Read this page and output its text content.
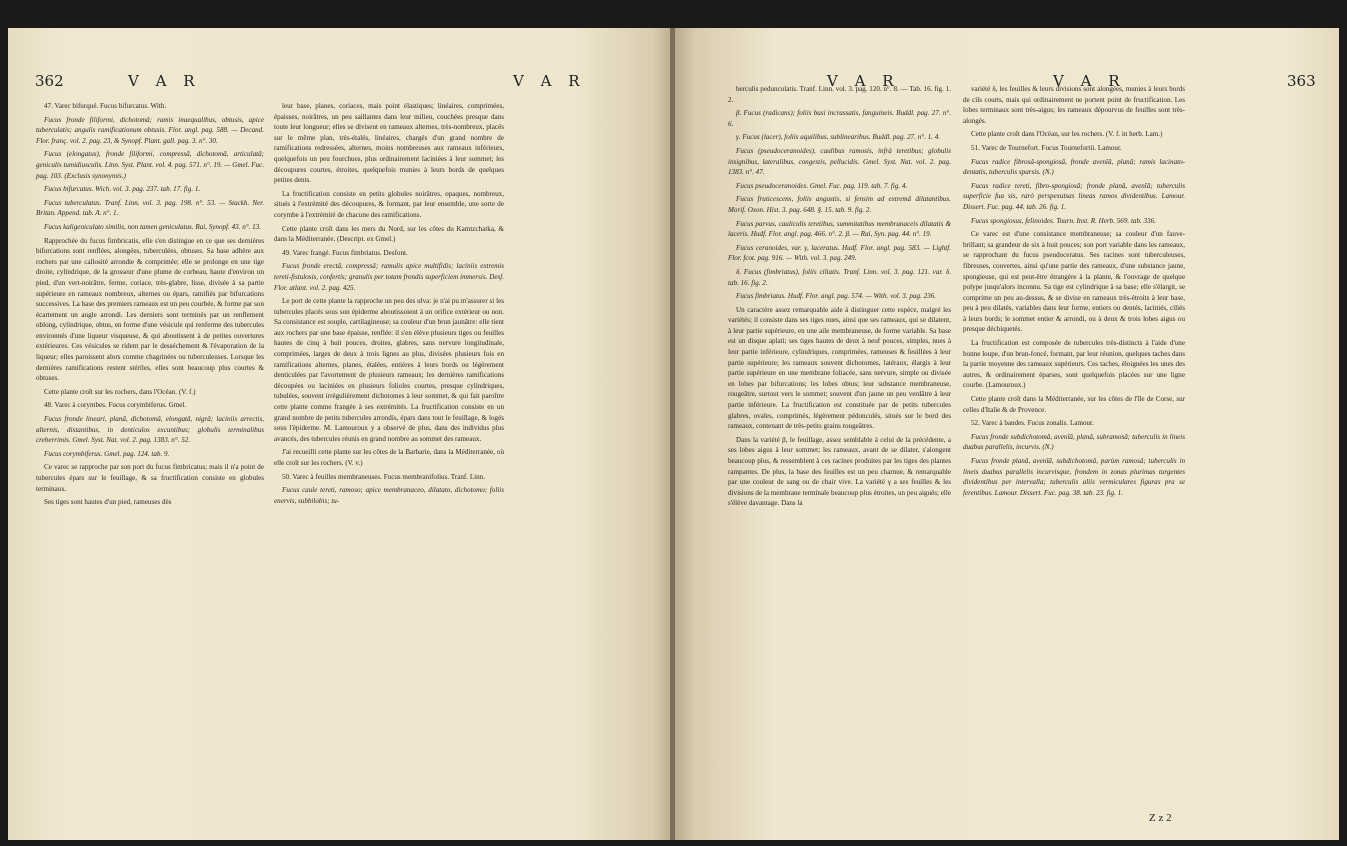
362	V A R	V A R

47. Varec bifurqué. Fucus bifurcatus. With.

Fucus fronde filiformi, dichotomâ; ramis inaequalibus, obtusis, apice tuberculatis; angulis ramificationum obtusis. Flor. angl. pag. 588. — Decand. Flor. franç. vol. 2. pag. 23, & Synopf. Plant. gall. pag. 3. n°. 30.

Fucus (elongatus), fronde filiformi, compressâ, dichotomâ, articulatâ; geniculis tumidiusculis. Linn. Syst. Plant. vol. 4. pag. 571. n°. 19. — Gmel. Fuc. pag. 103. (Exclusis synonymis.)

Fucus bifurcatus. Wich. vol. 3. pag. 237. tab. 17. fig. 1.

Fucus tuberculatus. Tranf. Linn. vol. 3. pag. 198. n°. 53. — Stackh. Ner. Britan. Append. tab. A. n°. 1.

Fucus kaligeniculato similis, non tamen geniculatus. Rai, Synopf. 43. n°. 13.

Rapprochée du fucus fimbricatis, elle s'en distingue en ce que ses dernières bifurcations sont renflées, alongées, tuberculées, obtuses. Sa base adhère aux rochers par une callosité arrondie & comprimée; elle se prolonge en une tige droite, cylindrique, de la grosseur d'une plume de corbeau, haute d'environ un pied, d'un vert-noirâtre, ferme, coriace, très-glabre, lisse, divisée à sa partie supérieure en rameaux nombreux, alternes ou épars, ramifiés par bifurcations successives. La base des premiers rameaux est un peu courbée, & forme par son écartement un angle arrondi. Les derniers sont terminés par un renflement oblong, cylindrique, obtus, en forme d'une vésicule qui renferme des tubercules environnés d'une liqueur visqueuse, & qui aboutissent à de petites ouvertures extérieures. Ces vésicules se rident par le desséchement & l'évaporation de la liqueur; elles paroissent alors comme chagrinées ou tuberculeuses. Lorsque les dernières ramifications restent stériles, elles sont beaucoup plus courtes & obtuses.

Cette plante croît sur les rochers, dans l'Océan. (V. f.)

48. Varec à corymbes. Fucus corymbiferus. Gmel.

Fucus fronde lineari, planâ, dichotomâ, elongatâ, nigrâ; laciniis arrectis, alternis, distantibus, in denticulos excuntibus; globulis terminalibus creberrimis. Gmel. Syst. Nat. vol. 2. pag. 1383. n°. 52.

Fucus corymbiferus. Gmel. pag. 124. tab. 9.

Ce varec se rapproche par son port du fucus fimbricatus; mais il n'a point de tubercules épars sur le feuillage, & sa fructification consiste en globules terminaux.

Ses tiges sont hautes d'un pied, rameuses dès

leur base, planes, coriaces, mais point élastiques; linéaires, comprimées, épaisses, noirâtres, un peu saillantes dans leur milieu, couchées presque dans toute leur longueur; elles se divisent en rameaux alternes, très-nombreux, placés sur le même plan, très-étalés, linéaires, chargés d'un grand nombre de ramifications redressées, alternes, moins nombreuses aux rameaux inférieurs, quelquefois un peu fourchues, plus ordinairement laciniées à leur sommet; les découpures courtes, étroites, quelquefois munies à leurs bords de quelques petites dents.

La fructification consiste en petits globules noirâtres, opaques, nombreux, situés à l'extrémité des découpures, & formant, par leur ensemble, une sorte de corymbe à l'extrémité de chacune des ramifications.

Cette plante croît dans les mers du Nord, sur les côtes du Kamtzchatka, & dans la Méditerranée. (Descript. ex Gmel.)

49. Varec frangé. Fucus fimbriatus. Desfont.

Fucus fronde erectâ, compressâ; ramulis apice multifidis; laciniis extremis tereti-fistulosis, confertis; granulis per totam frondis superficiem immersis. Desf. Flor. atlant. vol. 2. pag. 425.

Le port de cette plante la rapproche un peu des ulva: je n'ai pu m'assurer si les tubercules placés sous son épiderme aboutissoient à un orifice extérieur ou non. Sa consistance est souple, cartilagineuse; sa couleur d'un brun jaunâtre: elle tient aux rochers par une base épaisse, renflée: il s'en élève plusieurs tiges ou feuilles hautes de cinq à huit pouces, droites, glabres, sans nervure longitudinale, comprimées, larges de deux à trois lignes au plus, divisées plusieurs fois en ramifications alternes, planes, étalées, entières à leurs bords ou légèrement denticulées par l'avortement de plusieurs rameaux; les dernières ramifications découpées ou laciniées en plusieurs folioles courtes, presque cylindriques, tubulées, souvent irrégulièrement dichotomes à leur sommet, & qui fait paroître cette plante comme frangée à ses extrémités. La fructification consiste en un grand nombre de petits tubercules arrondis, épars dans tout le feuillage, & logés sous l'épiderme. M. Lamouroux y a observé de plus, dans des individus plus avancés, des tubercules réunis en grand nombre au sommet des rameaux.

J'ai recueilli cette plante sur les côtes de la Barbarie, dans la Méditerranée, où elle croît sur les rochers. (V. v.)

50. Varec à feuilles membraneuses. Fucus membranifolius. Tranf. Linn.

Fucus caule tereti, ramoso; apice membranaceo, dilatato, dichotomo; foliis enervis, subbilobis; tu-

V A R	V A R	363

berculis pedunculatis. Tranf. Linn. vol. 3. pag. 120. n°. 8. — Tab. 16. fig. 1. 2.

β. Fucus (radicans); foliis basi incrassatis, fanguineis. Buddl. pag. 27. n°. 6.

γ. Fucus (lacer), foliis aquilibus, sublinearibus. Buddl. pag. 27. n°. 1. 4.

Fucus (pseudoceranoides), caulibus ramosis, infrà teretibus; globulis insignibus, lateralibus, congestis, pellucidis. Gmel. Syst. Nat. vol. 2. pag. 1383. n°. 47.

Fucus pseudoceranoides. Gmel. Fuc. pag. 119. tab. 7. fig. 4.

Fucus fruticescens, foliis angustis, si fensim ad extremâ dilatantibus. Morif. Oxon. Hist. 3. pag. 648. §. 15. tab. 9. fig. 2.

Fucus parvus, cauliculis teretibus, summitatibus membranaceis dilatatis & laceris. Hudf. Flor. angl. pag. 466. n°. 2. β. — Rai, Syn. pag. 44. n°. 19.

Fucus ceranoides, var. γ, laceratus. Hudf. Flor. angl. pag. 583. — Lightf. Flor. fcot. pag. 916. — With. vol. 3. pag. 249.

δ. Fucus (fimbriatus), foliis ciliatis. Tranf. Linn. vol. 3. pag. 121. var. δ. tab. 16. fig. 2.

Fucus fimbriatus. Hudf. Flor. angl. pag. 574. — With. vol. 3. pag. 236.

Un caractère assez remarquable aide à distinguer cette espèce, malgré les variétés; il consiste dans ses tiges nues, ainsi que ses rameaux, qui se dilatent, à leur partie supérieure, en une aile membraneuse, de forme variable. Sa base est un disque aplati; ses tiges hautes de deux à neuf pouces, simples, nues à leur partie inférieure, cylindriques, comprimées, rameuses & feuillées à leur partie supérieure; les rameaux souvent dichotomes, latéraux, élargis à leur partie supérieure en une membrane foliacée, sans nervure, simple ou divisée en lobes par bifurcations; les lobes obtus; leur substance membraneuse, rougeâtre, surtout vers le sommet; souvent d'un jaune un peu verdâtre à leur partie inférieure. La fructification est constituée par de petits tubercules glabres, ovales, comprimés, légèrement pédonculés, situés sur le bord des rameaux, contenant de très-petits grains rougeâtres.

Dans la variété β, le feuillage, assez semblable à celui de la précédente, a ses lobes aigus à leur sommet; les rameaux, avant de se dilater, s'alongent beaucoup plus, & ressemblent à ces racines produites par les tiges des plantes rampantes. De plus, la base des feuilles est un peu charnue, & remarquable par une couleur de sang ou de chair vive. La variété γ a ses feuilles & les divisions de la membrane terminale beaucoup plus étroites, un peu aiguës; elle s'élève davantage. Dans la

variété δ, les feuilles & leurs divisions sont alongées, munies à leurs bords de cils courts, mais qui ordinairement ne portent point de fructification. Les lobes terminaux sont très-aigus; les rameaux dépourvus de feuilles sont très-alongés.

Cette plante croît dans l'Océan, sur les rochers. (V. f. in herb. Lam.)

51. Varec de Tournefort. Fucus Tournefortii. Lamour.

Fucus radice fibrosâ-spongiosâ, fronde avenîâ, planâ; ramis lacinato-dentatis, tuberculis sparsis. (N.)

Fucus radice tereti, fibro-spongiosâ; fronde planâ, avenîâ; tuberculis superficie fua sis, rarò perspexutsas lineas ramos dividentibus. Lamour. Dissert. Fuc. pag. 44. tab. 26. fig. 1.

Fucus spongiosus, felinoides. Tourn. Inst. R. Herb. 569. tab. 336.

Ce varec est d'une consistance membraneuse; sa couleur d'un fauve-brillant; sa grandeur de six à huit pouces; son port variable dans les rameaux, se rapprochant du fucus pseudoceratus. Ses racines sont tuberculeuses, fibreuses, couvertes, ainsi qu'une partie des rameaux, d'une substance jaune, spongieuse, qui est peut-être étrangère à la plante, & l'ouvrage de quelque polype jusqu'alors inconnu. Sa tige est cylindrique à sa base; elle s'élargit, se comprime un peu au-dessus, & se divise en rameaux très-étroits à leur base, peu à peu dilatés, variables dans leur forme, entiers ou dentés, laciniés, ciliés à leurs bords; le sommet entier & arrondi, ou à deux & trois lobes aigus ou presque déchiquetés.

La fructification est composée de tubercules très-distincts à l'aide d'une bonne loupe, d'un brun-foncé, formant, par leur réunion, quelques taches dans la partie moyenne des rameaux supérieurs. Ces taches, éloignées les unes des autres, & ordinairement éparses, sont quelquefois placées sur une ligne courbe. (Lamouroux.)

Cette plante croît dans la Méditerranée, sur les côtes de l'île de Corse, sur celles d'Italie & de Provence.

52. Varec à bandes. Fucus zonalis. Lamour.

Fucus fronde subdichotomâ, avenîâ, planâ, subramosâ; tuberculis in lineis duabus parallelis, incurvis. (N.)

Fucus fronde planâ, avenîâ, subdichotomâ, parùm ramosâ; tuberculis in lineis duabus parallelis incurvisque, frondem in zonas plurimas turgentes dividentibus per intervalla; tuberculis aliis vermiculares figuras pra se ferentibus. Lamour. Dissert. Fuc. pag. 38. tab. 23. fig. 1.

Z z 2
